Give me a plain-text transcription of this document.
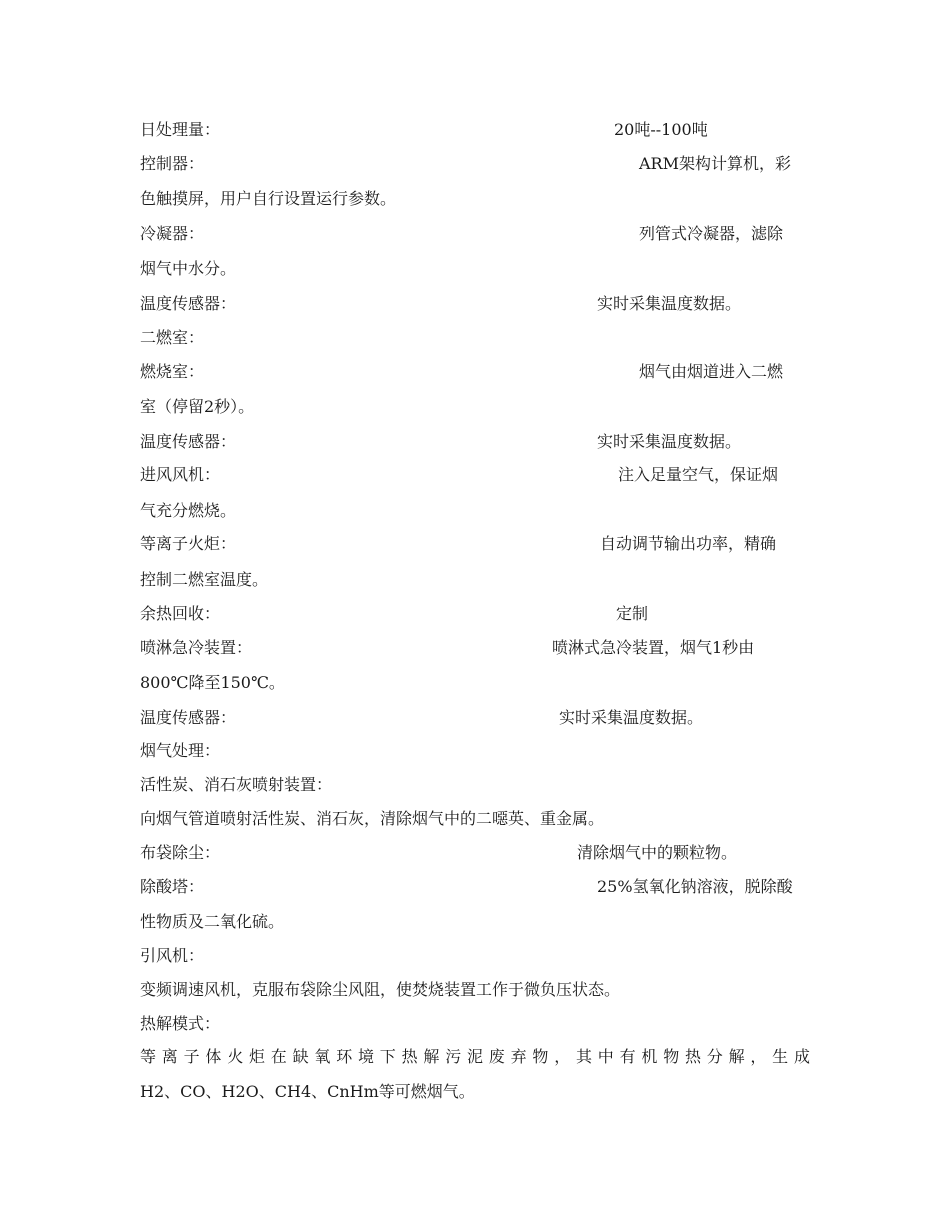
日处理量：	20吨--100吨
控制器：	ARM架构计算机，彩
色触摸屏，用户自行设置运行参数。
冷凝器：	列管式冷凝器，滤除
烟气中水分。
温度传感器：	实时采集温度数据。
二燃室：
燃烧室：	烟气由烟道进入二燃
室（停留2秒）。
温度传感器：	实时采集温度数据。
进风风机：	注入足量空气，保证烟
气充分燃烧。
等离子火炬：	自动调节输出功率，精确
控制二燃室温度。
余热回收：	定制
喷淋急冷装置：	喷淋式急冷装置，烟气1秒由
800℃降至150℃。
温度传感器：	实时采集温度数据。
烟气处理：
活性炭、消石灰喷射装置：
向烟气管道喷射活性炭、消石灰，清除烟气中的二噁英、重金属。
布袋除尘：	清除烟气中的颗粒物。
除酸塔：	25%氢氧化钠溶液，脱除酸
性物质及二氧化硫。
引风机：
变频调速风机，克服布袋除尘风阻，使焚烧装置工作于微负压状态。
热解模式：
等离子体火炬在缺氧环境下热解污泥废弃物，其中有机物热分解，生成
H2、CO、H2O、CH4、CnHm等可燃烟气。
